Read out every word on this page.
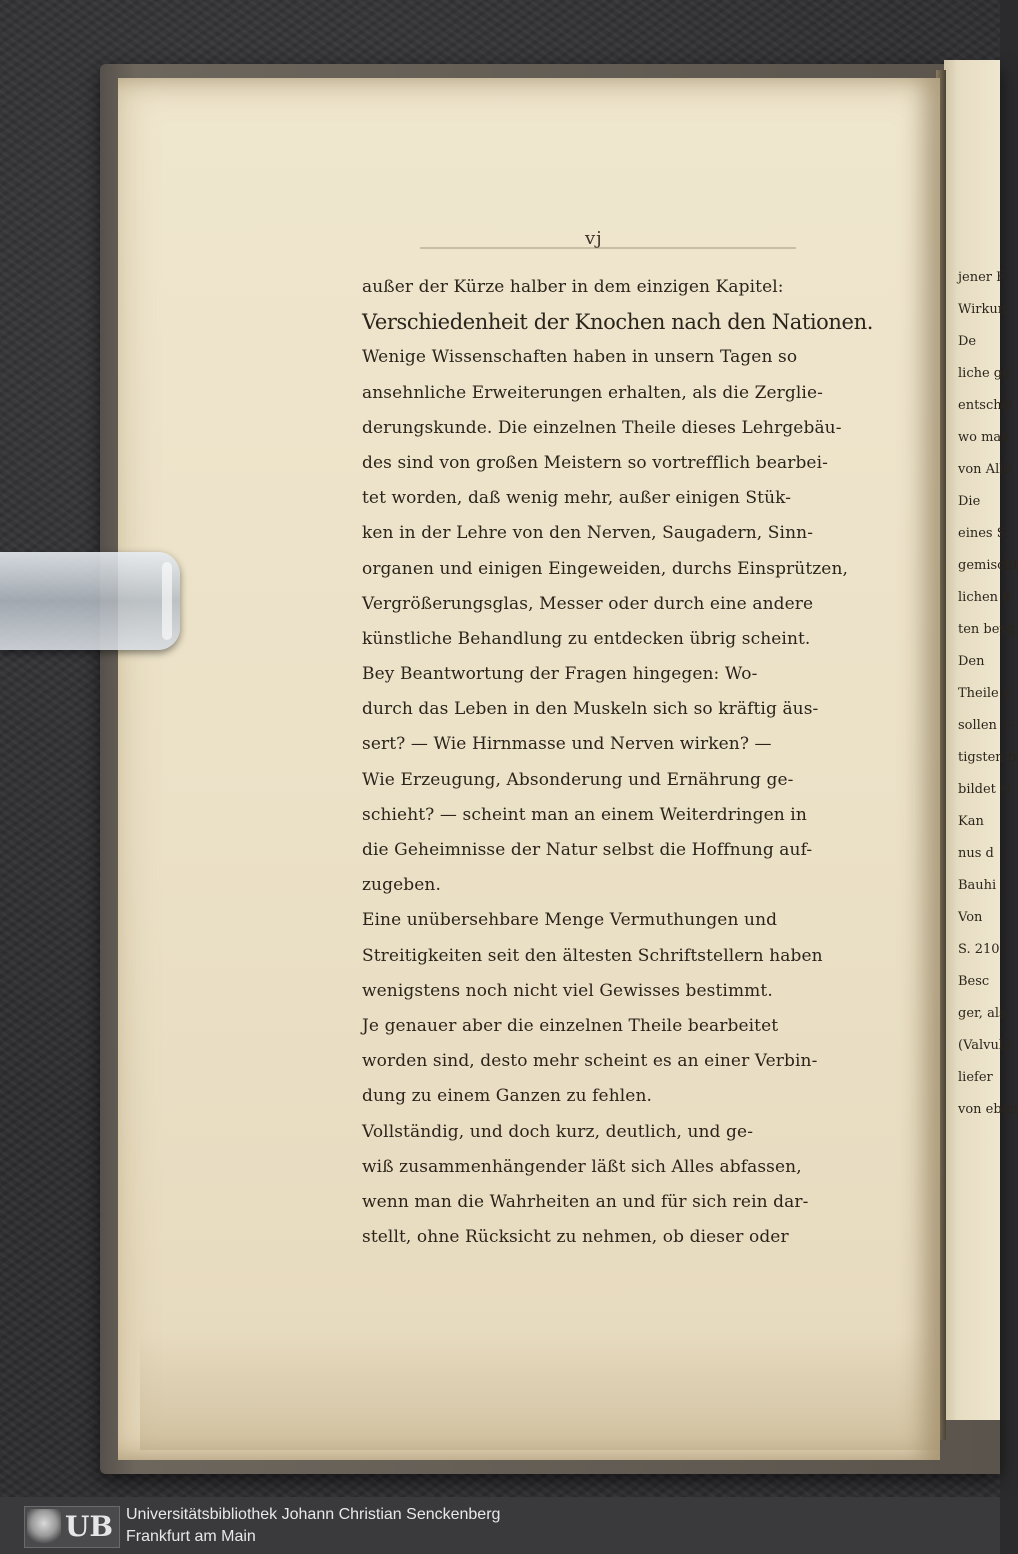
jener F
Wirkun
De
liche ge
entschei
wo man
von Alle
Die
eines S
gemischt
lichen K
ten beyg
Den
Theile v
sollen —
tigsten b
bildet si
Kan
nus d
Bauhi
Von
S. 210.
Besc
ger, als
(Valvula
liefer
von eben
vj
außer der Kürze halber in dem einzigen Kapitel:
Verschiedenheit der Knochen nach den Nationen.
Wenige Wissenschaften haben in unsern Tagen so
ansehnliche Erweiterungen erhalten, als die Zerglie-
derungskunde. Die einzelnen Theile dieses Lehrgebäu-
des sind von großen Meistern so vortrefflich bearbei-
tet worden, daß wenig mehr, außer einigen Stük-
ken in der Lehre von den Nerven, Saugadern, Sinn-
organen und einigen Eingeweiden, durchs Einsprützen,
Vergrößerungsglas, Messer oder durch eine andere
künstliche Behandlung zu entdecken übrig scheint.
Bey Beantwortung der Fragen hingegen: Wo-
durch das Leben in den Muskeln sich so kräftig äus-
sert? — Wie Hirnmasse und Nerven wirken? —
Wie Erzeugung, Absonderung und Ernährung ge-
schieht? — scheint man an einem Weiterdringen in
die Geheimnisse der Natur selbst die Hoffnung auf-
zugeben.
Eine unübersehbare Menge Vermuthungen und
Streitigkeiten seit den ältesten Schriftstellern haben
wenigstens noch nicht viel Gewisses bestimmt.
Je genauer aber die einzelnen Theile bearbeitet
worden sind, desto mehr scheint es an einer Verbin-
dung zu einem Ganzen zu fehlen.
Vollständig, und doch kurz, deutlich, und ge-
wiß zusammenhängender läßt sich Alles abfassen,
wenn man die Wahrheiten an und für sich rein dar-
stellt, ohne Rücksicht zu nehmen, ob dieser oder
UB Universitätsbibliothek Johann Christian Senckenberg
Frankfurt am Main
